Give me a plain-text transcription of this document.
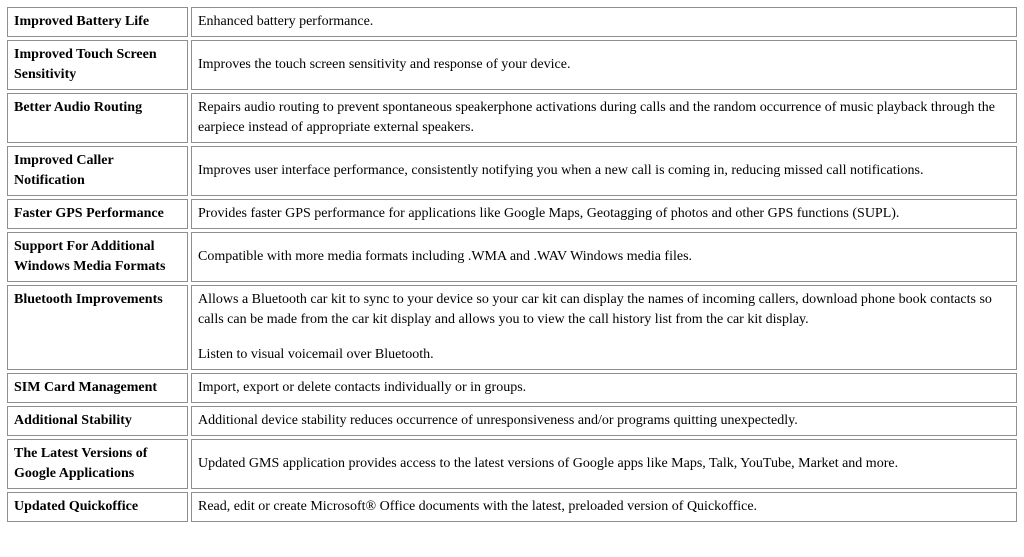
Improved Battery Life	Enhanced battery performance.

Improved Touch Screen Sensitivity	Improves the touch screen sensitivity and response of your device.

Better Audio Routing	Repairs audio routing to prevent spontaneous speakerphone activations during calls and the random occurrence of music playback through the earpiece instead of appropriate external speakers.

Improved Caller Notification	Improves user interface performance, consistently notifying you when a new call is coming in, reducing missed call notifications.

Faster GPS Performance	Provides faster GPS performance for applications like Google Maps, Geotagging of photos and other GPS functions (SUPL).

Support For Additional Windows Media Formats	Compatible with more media formats including .WMA and .WAV Windows media files.

Bluetooth Improvements	Allows a Bluetooth car kit to sync to your device so your car kit can display the names of incoming callers, download phone book contacts so calls can be made from the car kit display and allows you to view the call history list from the car kit display.
Listen to visual voicemail over Bluetooth.

SIM Card Management	Import, export or delete contacts individually or in groups.

Additional Stability	Additional device stability reduces occurrence of unresponsiveness and/or programs quitting unexpectedly.

The Latest Versions of Google Applications	Updated GMS application provides access to the latest versions of Google apps like Maps, Talk, YouTube, Market and more.

Updated Quickoffice	Read, edit or create Microsoft® Office documents with the latest, preloaded version of Quickoffice.
